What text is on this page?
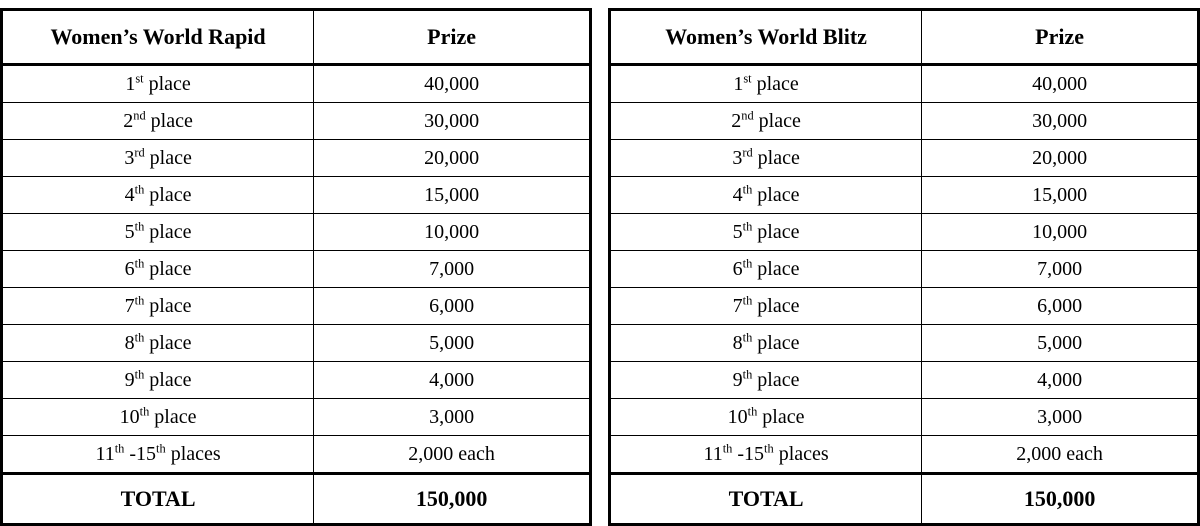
Women’s World Rapid	Prize
1st place	40,000
2nd place	30,000
3rd place	20,000
4th place	15,000
5th place	10,000
6th place	7,000
7th place	6,000
8th place	5,000
9th place	4,000
10th place	3,000
11th -15th places	2,000 each
TOTAL	150,000
Women’s World Blitz	Prize
1st place	40,000
2nd place	30,000
3rd place	20,000
4th place	15,000
5th place	10,000
6th place	7,000
7th place	6,000
8th place	5,000
9th place	4,000
10th place	3,000
11th -15th places	2,000 each
TOTAL	150,000
